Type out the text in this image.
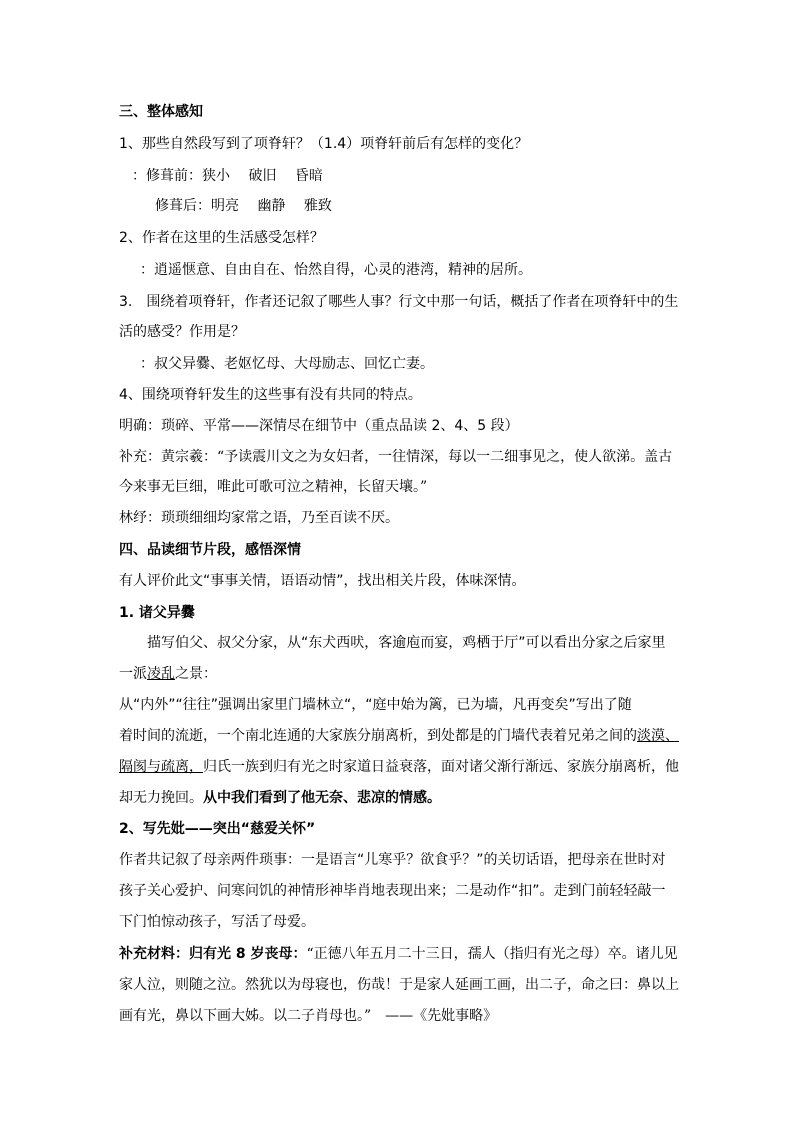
三、整体感知
1、那些自然段写到了项脊轩？（1.4）项脊轩前后有怎样的变化？
：修葺前：狭小　 破旧　 昏暗
修葺后：明亮　 幽静　 雅致
2、作者在这里的生活感受怎样？
：逍遥惬意、自由自在、怡然自得，心灵的港湾，精神的居所。
3.　围绕着项脊轩，作者还记叙了哪些人事？行文中那一句话，概括了作者在项脊轩中的生
活的感受？作用是？
：叔父异爨、老妪忆母、大母励志、回忆亡妻。
4、围绕项脊轩发生的这些事有没有共同的特点。
明确：琐碎、平常——深情尽在细节中（重点品读 2、4、5 段）
补充：黄宗羲：“予读震川文之为女妇者，一往情深，每以一二细事见之，使人欲涕。盖古
今来事无巨细，唯此可歌可泣之精神，长留天壤。”
林纾：琐琐细细均家常之语，乃至百读不厌。
四、品读细节片段，感悟深情
有人评价此文“事事关情，语语动情”，找出相关片段，体味深情。
1. 诸父异爨
描写伯父、叔父分家，从“东犬西吠，客逾庖而宴，鸡栖于厅”可以看出分家之后家里
一派凌乱之景：
从“内外”“往往”强调出家里门墙林立“，“庭中始为篱，已为墙，凡再变矣”写出了随
着时间的流逝，一个南北连通的大家族分崩离析，到处都是的门墙代表着兄弟之间的淡漠、
隔阂与疏离，归氏一族到归有光之时家道日益衰落，面对诸父渐行渐远、家族分崩离析，他
却无力挽回。从中我们看到了他无奈、悲凉的情感。
2、写先妣——突出“慈爱关怀”
作者共记叙了母亲两件琐事：一是语言“儿寒乎？欲食乎？”的关切话语，把母亲在世时对
孩子关心爱护、问寒问饥的神情形神毕肖地表现出来；二是动作“扣”。走到门前轻轻敲一
下门怕惊动孩子，写活了母爱。
补充材料：归有光 8 岁丧母：“正德八年五月二十三日，孺人（指归有光之母）卒。诸儿见
家人泣，则随之泣。然犹以为母寝也，伤哉！于是家人延画工画，出二子，命之曰：鼻以上
画有光，鼻以下画大姊。以二子肖母也。”　——《先妣事略》
